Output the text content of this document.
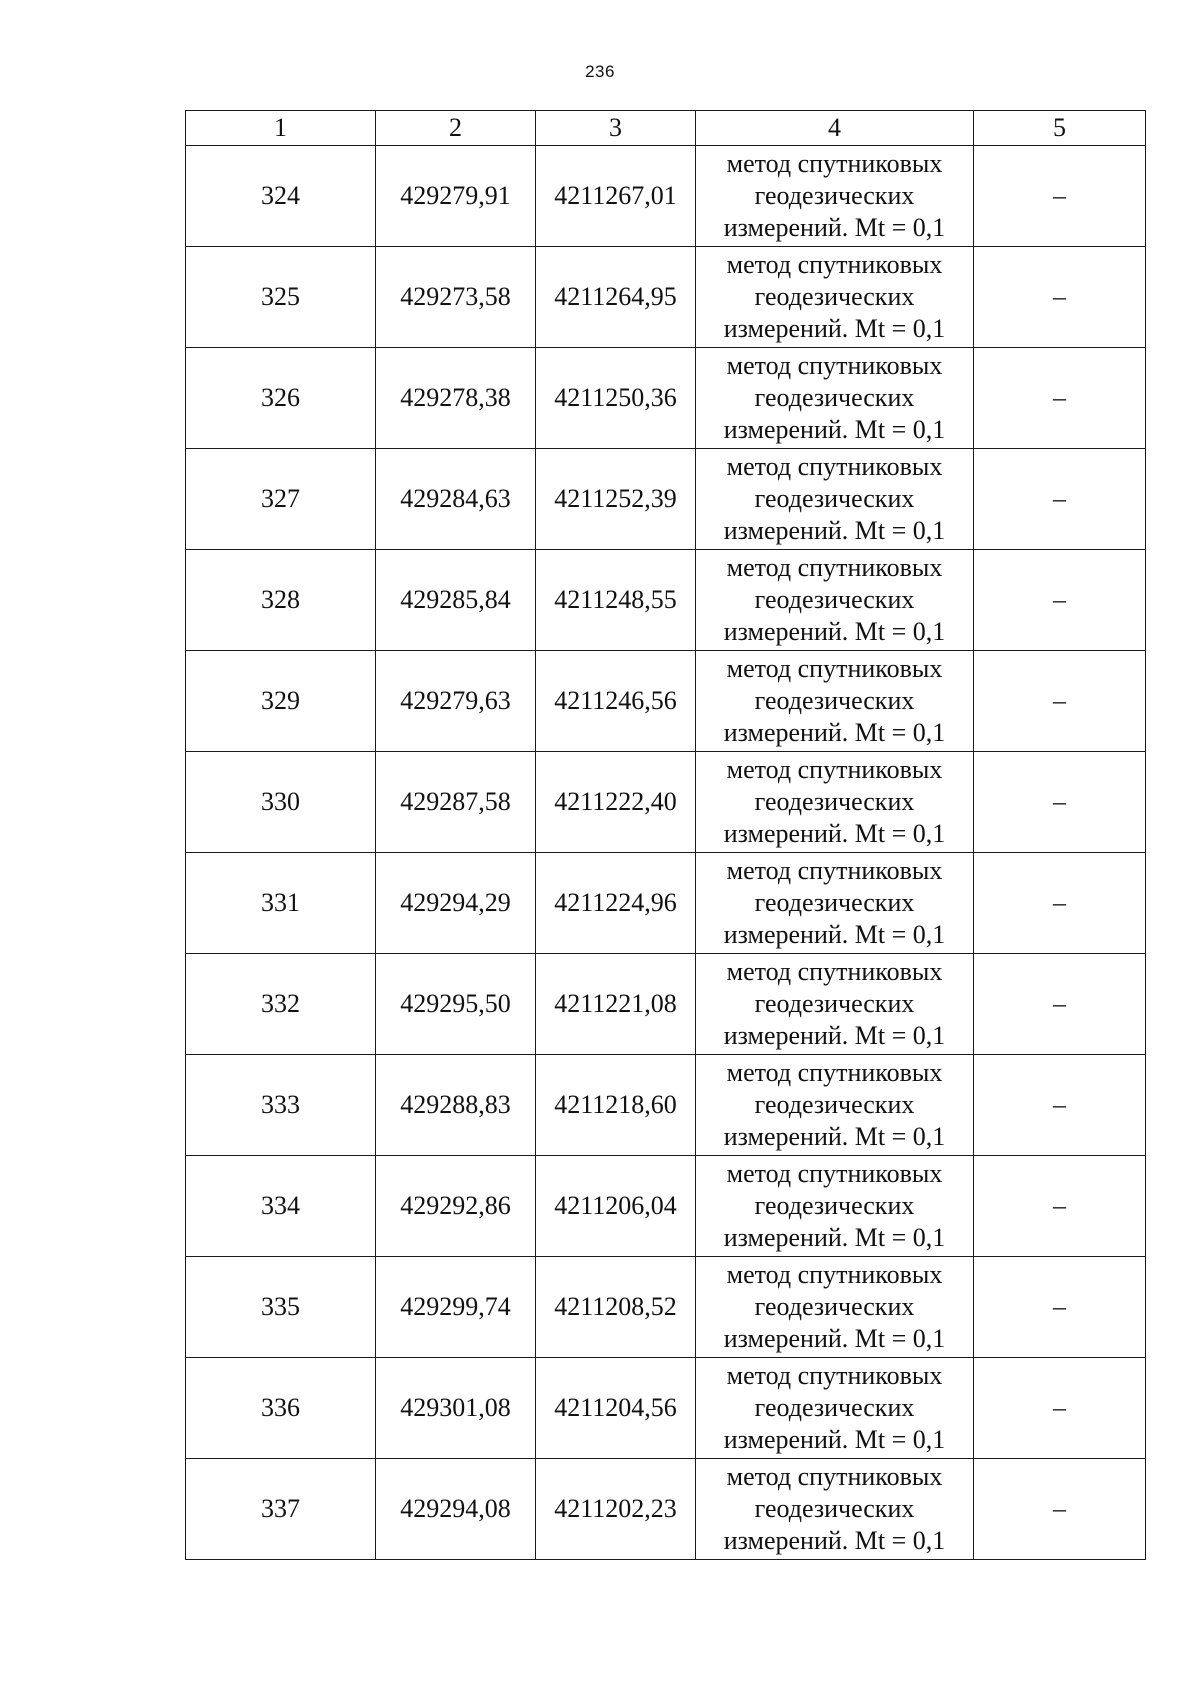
236
1	2	3	4	5
324	429279,91	4211267,01	метод спутниковых
геодезических
измерений. Mt = 0,1	–
325	429273,58	4211264,95	метод спутниковых
геодезических
измерений. Mt = 0,1	–
326	429278,38	4211250,36	метод спутниковых
геодезических
измерений. Mt = 0,1	–
327	429284,63	4211252,39	метод спутниковых
геодезических
измерений. Mt = 0,1	–
328	429285,84	4211248,55	метод спутниковых
геодезических
измерений. Mt = 0,1	–
329	429279,63	4211246,56	метод спутниковых
геодезических
измерений. Mt = 0,1	–
330	429287,58	4211222,40	метод спутниковых
геодезических
измерений. Mt = 0,1	–
331	429294,29	4211224,96	метод спутниковых
геодезических
измерений. Mt = 0,1	–
332	429295,50	4211221,08	метод спутниковых
геодезических
измерений. Mt = 0,1	–
333	429288,83	4211218,60	метод спутниковых
геодезических
измерений. Mt = 0,1	–
334	429292,86	4211206,04	метод спутниковых
геодезических
измерений. Mt = 0,1	–
335	429299,74	4211208,52	метод спутниковых
геодезических
измерений. Mt = 0,1	–
336	429301,08	4211204,56	метод спутниковых
геодезических
измерений. Mt = 0,1	–
337	429294,08	4211202,23	метод спутниковых
геодезических
измерений. Mt = 0,1	–
